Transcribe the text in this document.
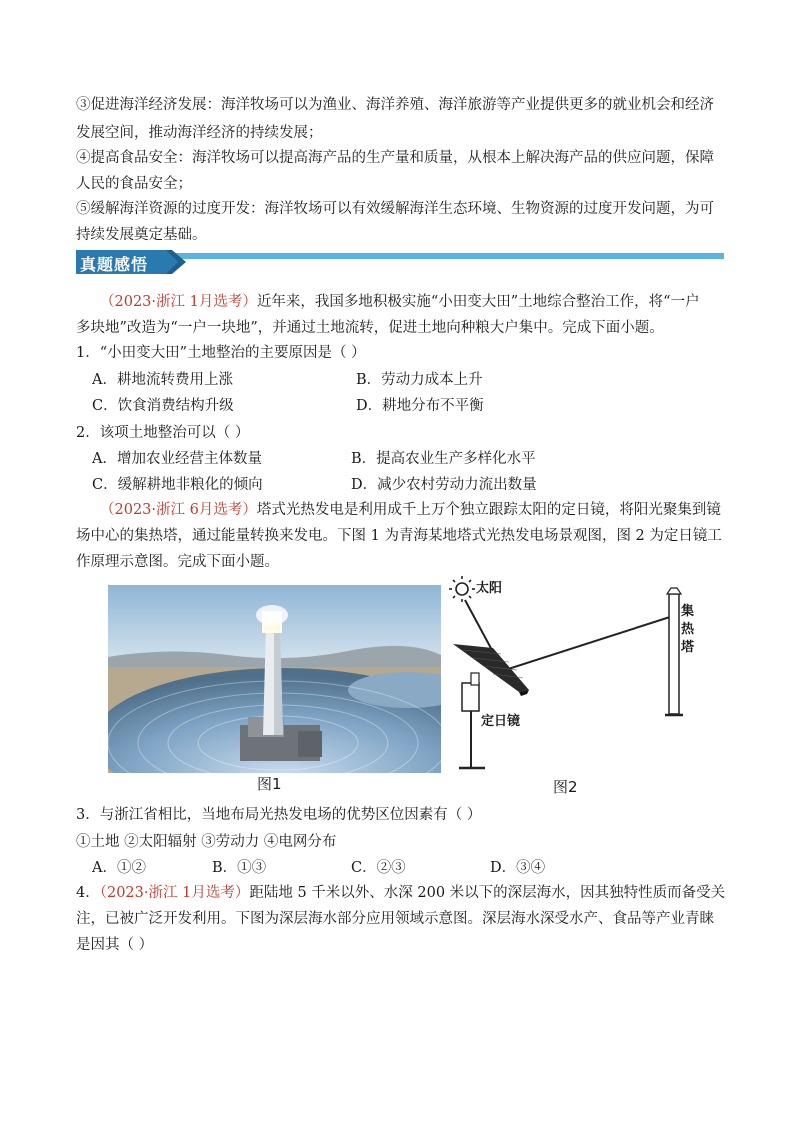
③促进海洋经济发展：海洋牧场可以为渔业、海洋养殖、海洋旅游等产业提供更多的就业机会和经济
发展空间，推动海洋经济的持续发展；
④提高食品安全：海洋牧场可以提高海产品的生产量和质量，从根本上解决海产品的供应问题，保障
人民的食品安全；
⑤缓解海洋资源的过度开发：海洋牧场可以有效缓解海洋生态环境、生物资源的过度开发问题，为可
持续发展奠定基础。
真题感悟
（2023·浙江 1月选考）近年来，我国多地积极实施“小田变大田”土地综合整治工作，将“一户
多块地”改造为“一户一块地”，并通过土地流转，促进土地向种粮大户集中。完成下面小题。
1．“小田变大田”土地整治的主要原因是（ ）
A．耕地流转费用上涨	B．劳动力成本上升
C．饮食消费结构升级	D．耕地分布不平衡
2．该项土地整治可以（ ）
A．增加农业经营主体数量	B．提高农业生产多样化水平
C．缓解耕地非粮化的倾向	D．减少农村劳动力流出数量
（2023·浙江 6月选考）塔式光热发电是利用成千上万个独立跟踪太阳的定日镜，将阳光聚集到镜
场中心的集热塔，通过能量转换来发电。下图 1 为青海某地塔式光热发电场景观图，图 2 为定日镜工
作原理示意图。完成下面小题。
图1
太阳
集
热
塔
定日镜
图2
3．与浙江省相比，当地布局光热发电场的优势区位因素有（ ）
①土地 ②太阳辐射 ③劳动力 ④电网分布
A．①②	B．①③	C．②③	D．③④
4．（2023·浙江 1月选考）距陆地 5 千米以外、水深 200 米以下的深层海水，因其独特性质而备受关
注，已被广泛开发利用。下图为深层海水部分应用领域示意图。深层海水深受水产、食品等产业青睐
是因其（ ）
